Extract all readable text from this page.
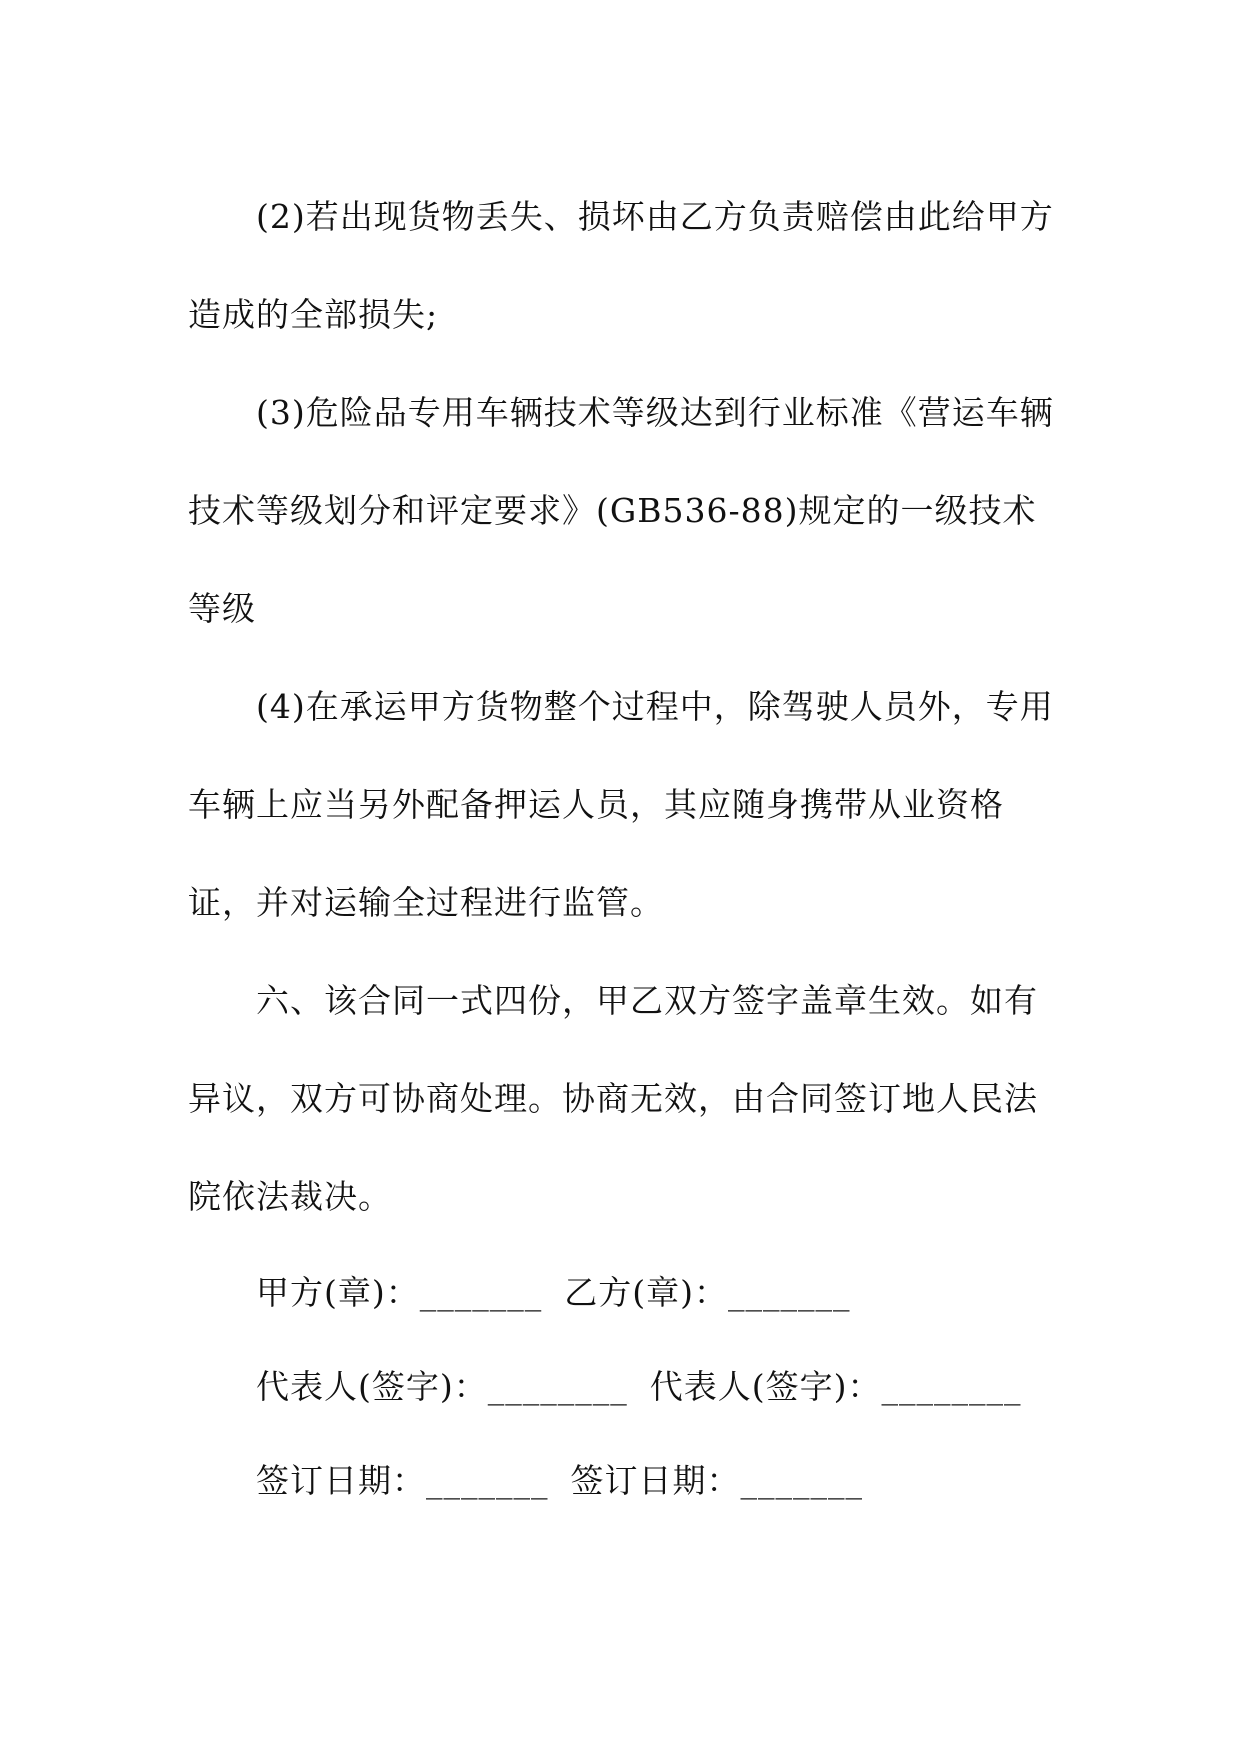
(2)若出现货物丢失、损坏由乙方负责赔偿由此给甲方造成的全部损失;

(3)危险品专用车辆技术等级达到行业标准《营运车辆技术等级划分和评定要求》(GB536-88)规定的一级技术等级

(4)在承运甲方货物整个过程中，除驾驶人员外，专用车辆上应当另外配备押运人员，其应随身携带从业资格证，并对运输全过程进行监管。

六、该合同一式四份，甲乙双方签字盖章生效。如有异议，双方可协商处理。协商无效，由合同签订地人民法院依法裁决。

甲方(章)：_______ 乙方(章)：_______
代表人(签字)：________ 代表人(签字)：________
签订日期：_______ 签订日期：_______
